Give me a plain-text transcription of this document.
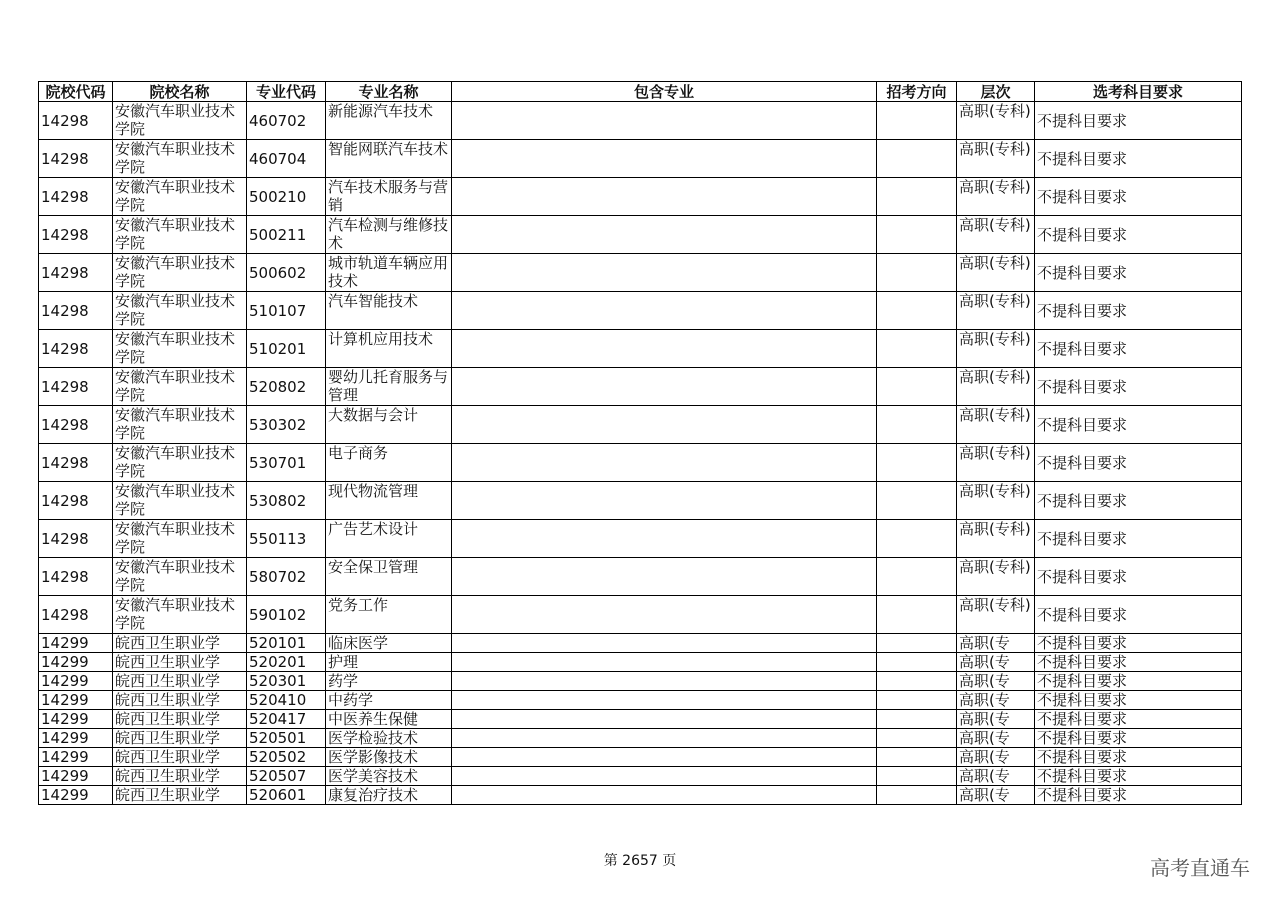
院校代码	院校名称	专业代码	专业名称	包含专业	招考方向	层次	选考科目要求
14298	安徽汽车职业技术学院	460702	新能源汽车技术			高职(专科)	不提科目要求
14298	安徽汽车职业技术学院	460704	智能网联汽车技术			高职(专科)	不提科目要求
14298	安徽汽车职业技术学院	500210	汽车技术服务与营销			高职(专科)	不提科目要求
14298	安徽汽车职业技术学院	500211	汽车检测与维修技术			高职(专科)	不提科目要求
14298	安徽汽车职业技术学院	500602	城市轨道车辆应用技术			高职(专科)	不提科目要求
14298	安徽汽车职业技术学院	510107	汽车智能技术			高职(专科)	不提科目要求
14298	安徽汽车职业技术学院	510201	计算机应用技术			高职(专科)	不提科目要求
14298	安徽汽车职业技术学院	520802	婴幼儿托育服务与管理			高职(专科)	不提科目要求
14298	安徽汽车职业技术学院	530302	大数据与会计			高职(专科)	不提科目要求
14298	安徽汽车职业技术学院	530701	电子商务			高职(专科)	不提科目要求
14298	安徽汽车职业技术学院	530802	现代物流管理			高职(专科)	不提科目要求
14298	安徽汽车职业技术学院	550113	广告艺术设计			高职(专科)	不提科目要求
14298	安徽汽车职业技术学院	580702	安全保卫管理			高职(专科)	不提科目要求
14298	安徽汽车职业技术学院	590102	党务工作			高职(专科)	不提科目要求
14299	皖西卫生职业学	520101	临床医学			高职(专	不提科目要求
14299	皖西卫生职业学	520201	护理			高职(专	不提科目要求
14299	皖西卫生职业学	520301	药学			高职(专	不提科目要求
14299	皖西卫生职业学	520410	中药学			高职(专	不提科目要求
14299	皖西卫生职业学	520417	中医养生保健			高职(专	不提科目要求
14299	皖西卫生职业学	520501	医学检验技术			高职(专	不提科目要求
14299	皖西卫生职业学	520502	医学影像技术			高职(专	不提科目要求
14299	皖西卫生职业学	520507	医学美容技术			高职(专	不提科目要求
14299	皖西卫生职业学	520601	康复治疗技术			高职(专	不提科目要求
第 2657 页	高考直通车
